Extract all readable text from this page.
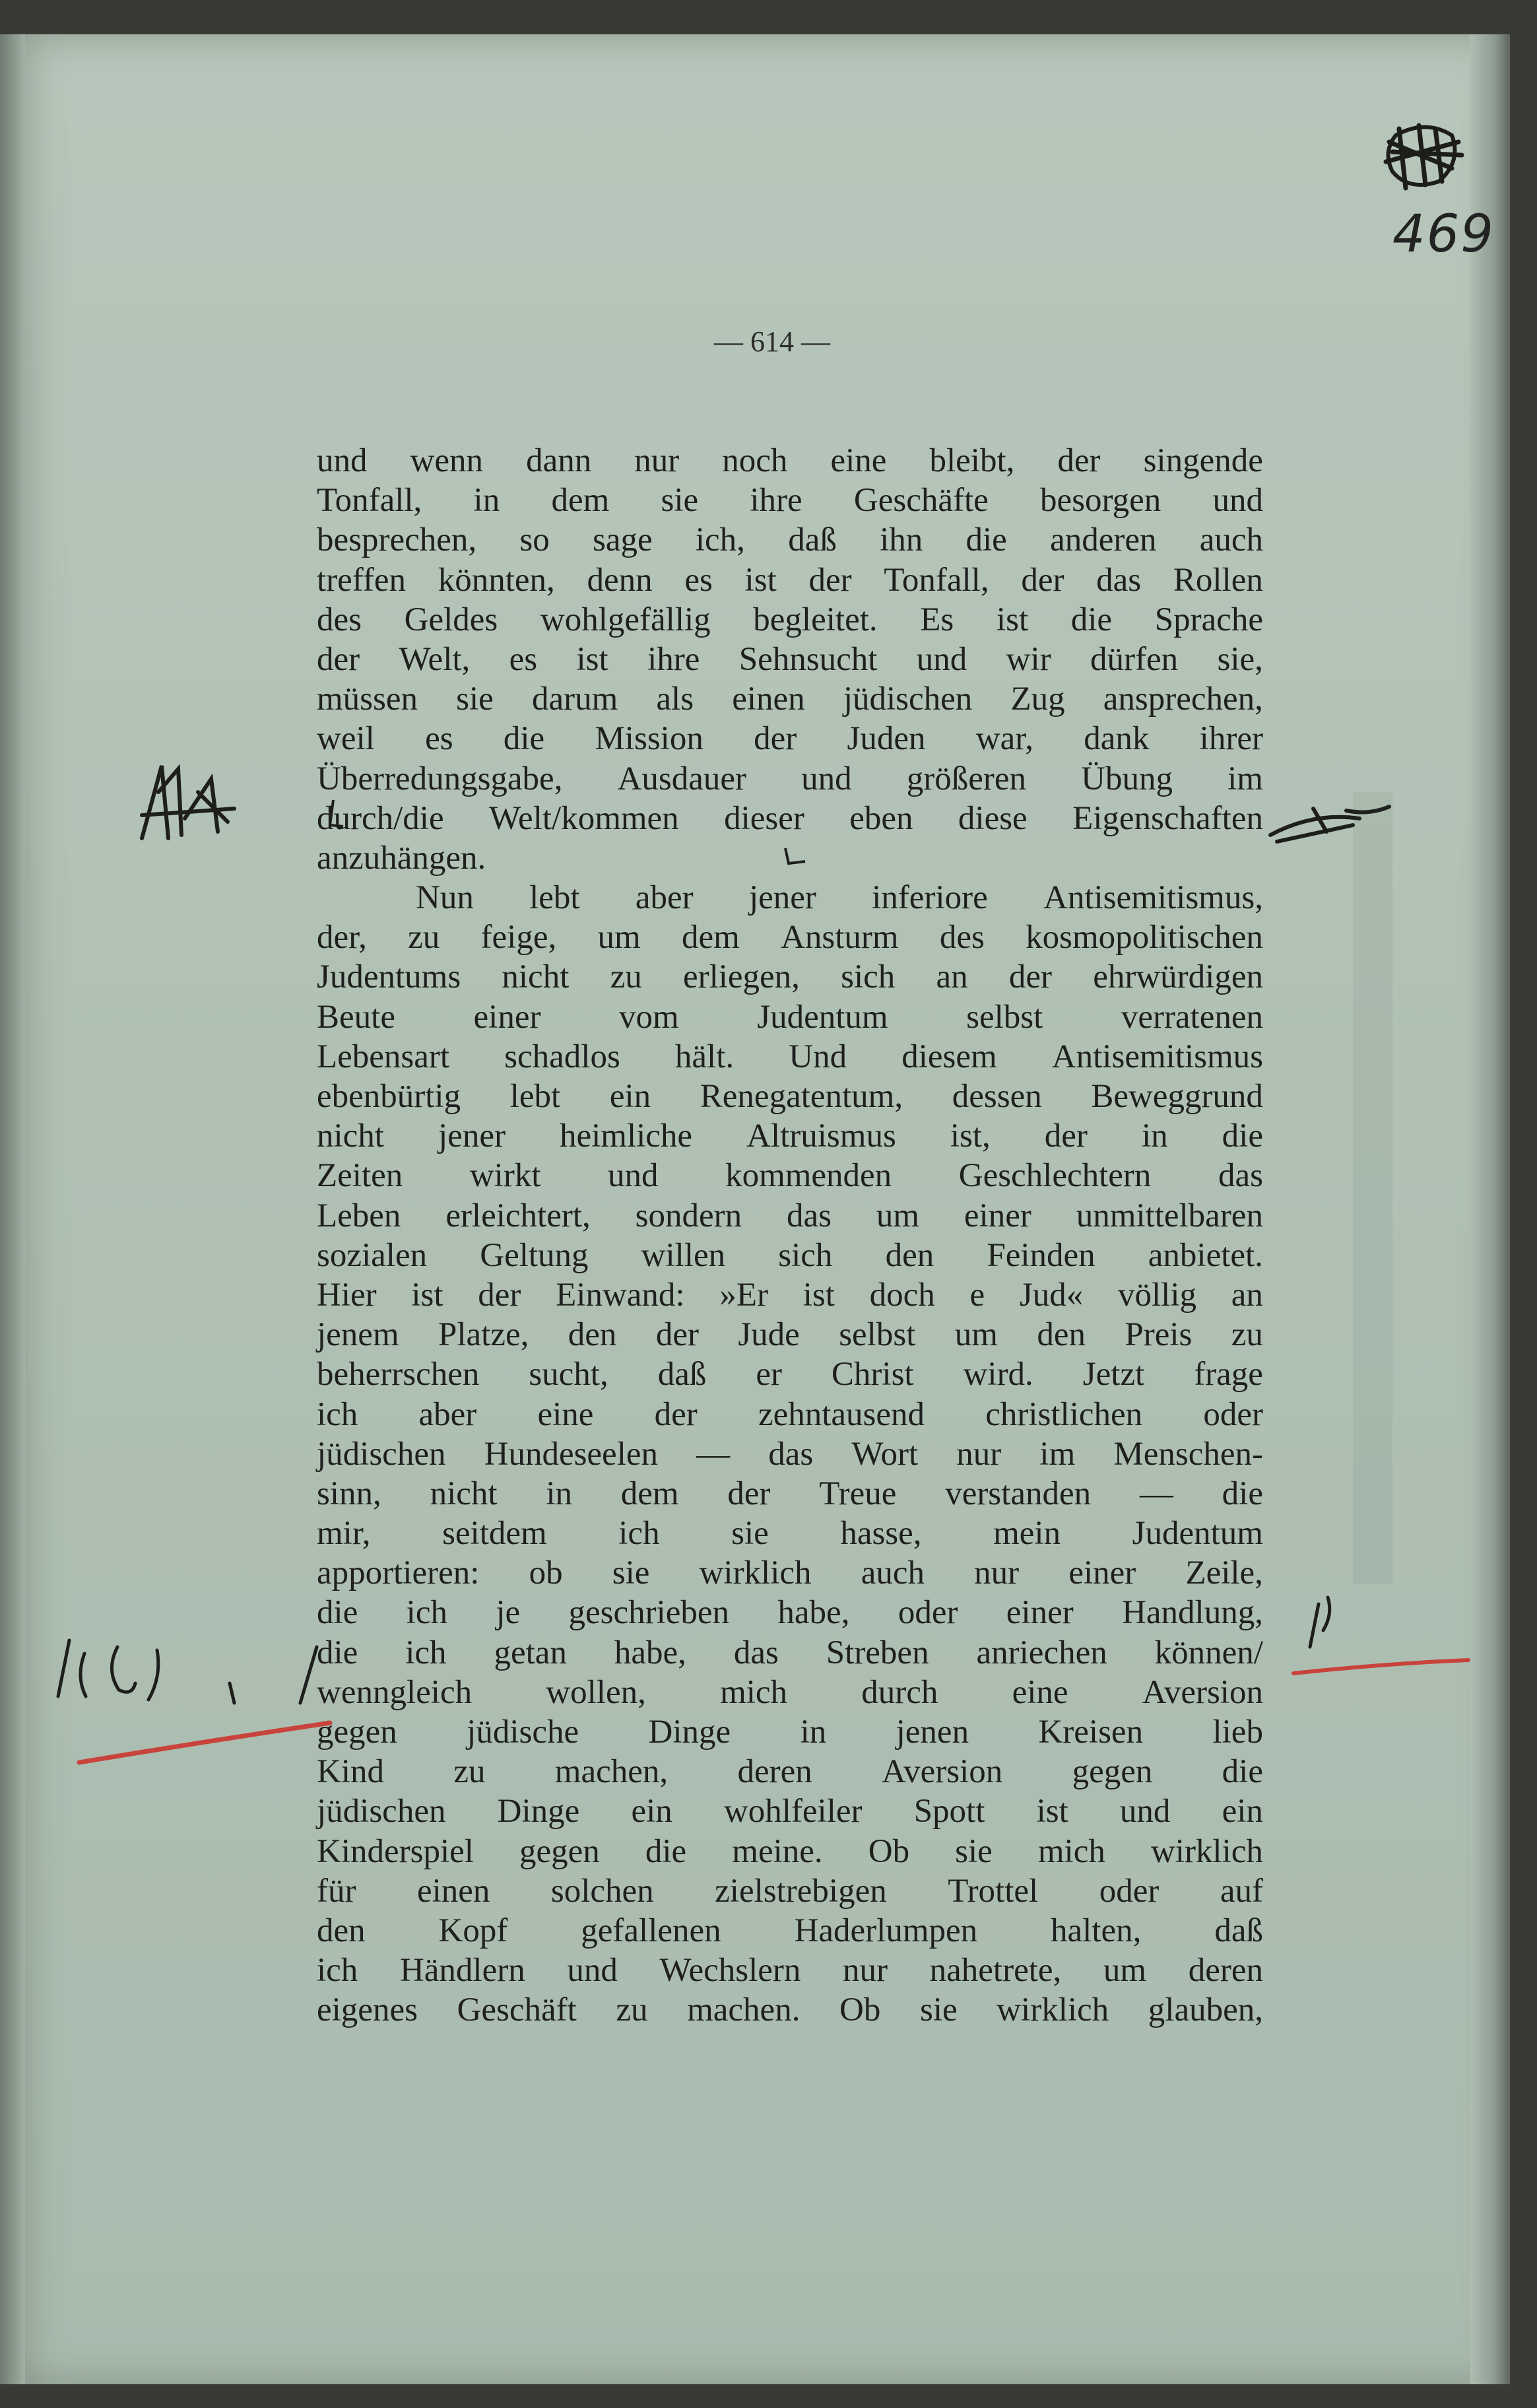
— 614 —
469
und wenn dann nur noch eine bleibt, der singende
Tonfall, in dem sie ihre Geschäfte besorgen und
besprechen, so sage ich, daß ihn die anderen auch
treffen könnten, denn es ist der Tonfall, der das Rollen
des Geldes wohlgefällig begleitet. Es ist die Sprache
der Welt, es ist ihre Sehnsucht und wir dürfen sie,
müssen sie darum als einen jüdischen Zug ansprechen,
weil es die Mission der Juden war, dank ihrer
Überredungsgabe, Ausdauer und größeren Übung im
durch/die Welt/kommen dieser eben diese Eigenschaften
anzuhängen.
Nun lebt aber jener inferiore Antisemitismus,
der, zu feige, um dem Ansturm des kosmopolitischen
Judentums nicht zu erliegen, sich an der ehrwürdigen
Beute einer vom Judentum selbst verratenen
Lebensart schadlos hält. Und diesem Antisemitismus
ebenbürtig lebt ein Renegatentum, dessen Beweggrund
nicht jener heimliche Altruismus ist, der in die
Zeiten wirkt und kommenden Geschlechtern das
Leben erleichtert, sondern das um einer unmittelbaren
sozialen Geltung willen sich den Feinden anbietet.
Hier ist der Einwand: »Er ist doch e Jud« völlig an
jenem Platze, den der Jude selbst um den Preis zu
beherrschen sucht, daß er Christ wird. Jetzt frage
ich aber eine der zehntausend christlichen oder
jüdischen Hundeseelen — das Wort nur im Menschen-
sinn, nicht in dem der Treue verstanden — die
mir, seitdem ich sie hasse, mein Judentum
apportieren: ob sie wirklich auch nur einer Zeile,
die ich je geschrieben habe, oder einer Handlung,
die ich getan habe, das Streben anriechen können/
wenngleich wollen, mich durch eine Aversion
gegen jüdische Dinge in jenen Kreisen lieb
Kind zu machen, deren Aversion gegen die
jüdischen Dinge ein wohlfeiler Spott ist und ein
Kinderspiel gegen die meine. Ob sie mich wirklich
für einen solchen zielstrebigen Trottel oder auf
den Kopf gefallenen Haderlumpen halten, daß
ich Händlern und Wechslern nur nahetrete, um deren
eigenes Geschäft zu machen. Ob sie wirklich glauben,
